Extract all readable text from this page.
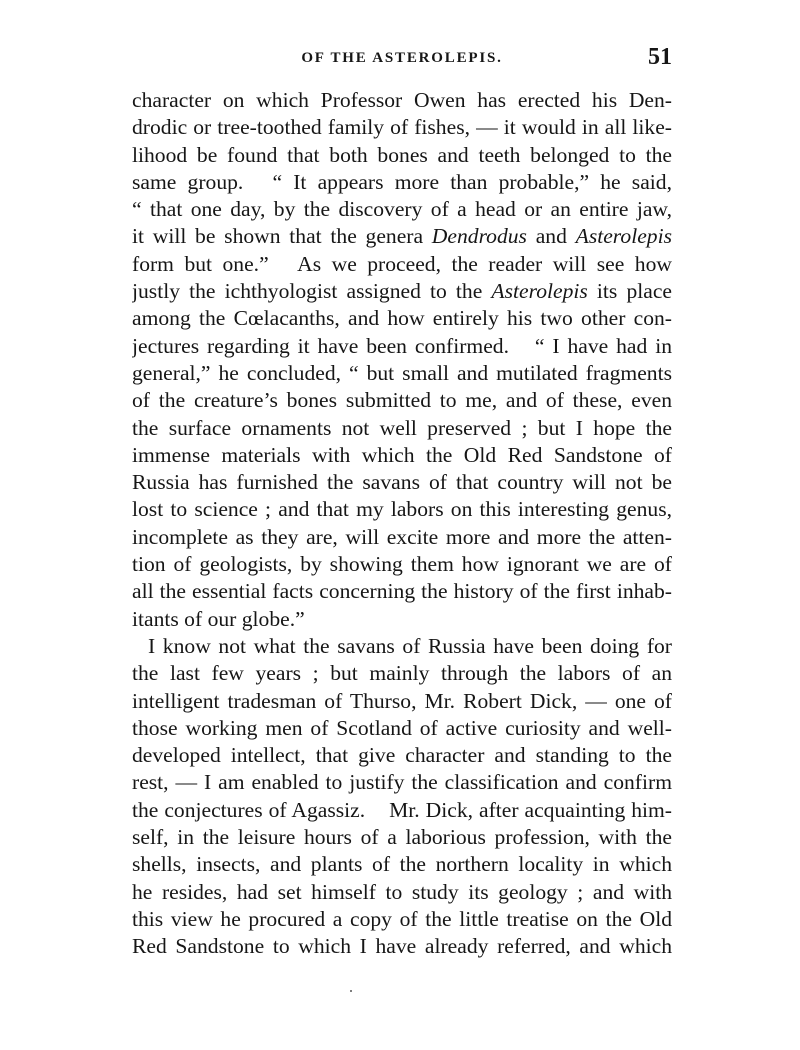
OF THE ASTEROLEPIS.	51
character on which Professor Owen has erected his Den-
drodic or tree-toothed family of fishes, — it would in all like-
lihood be found that both bones and teeth belonged to the
same group. “ It appears more than probable,” he said,
“ that one day, by the discovery of a head or an entire jaw,
it will be shown that the genera Dendrodus and Asterolepis
form but one.” As we proceed, the reader will see how
justly the ichthyologist assigned to the Asterolepis its place
among the Cœlacanths, and how entirely his two other con-
jectures regarding it have been confirmed. “ I have had in
general,” he concluded, “ but small and mutilated fragments
of the creature’s bones submitted to me, and of these, even
the surface ornaments not well preserved ; but I hope the
immense materials with which the Old Red Sandstone of
Russia has furnished the savans of that country will not be
lost to science ; and that my labors on this interesting genus,
incomplete as they are, will excite more and more the atten-
tion of geologists, by showing them how ignorant we are of
all the essential facts concerning the history of the first inhab-
itants of our globe.”
I know not what the savans of Russia have been doing for
the last few years ; but mainly through the labors of an
intelligent tradesman of Thurso, Mr. Robert Dick, — one of
those working men of Scotland of active curiosity and well-
developed intellect, that give character and standing to the
rest, — I am enabled to justify the classification and confirm
the conjectures of Agassiz. Mr. Dick, after acquainting him-
self, in the leisure hours of a laborious profession, with the
shells, insects, and plants of the northern locality in which
he resides, had set himself to study its geology ; and with
this view he procured a copy of the little treatise on the Old
Red Sandstone to which I have already referred, and which
